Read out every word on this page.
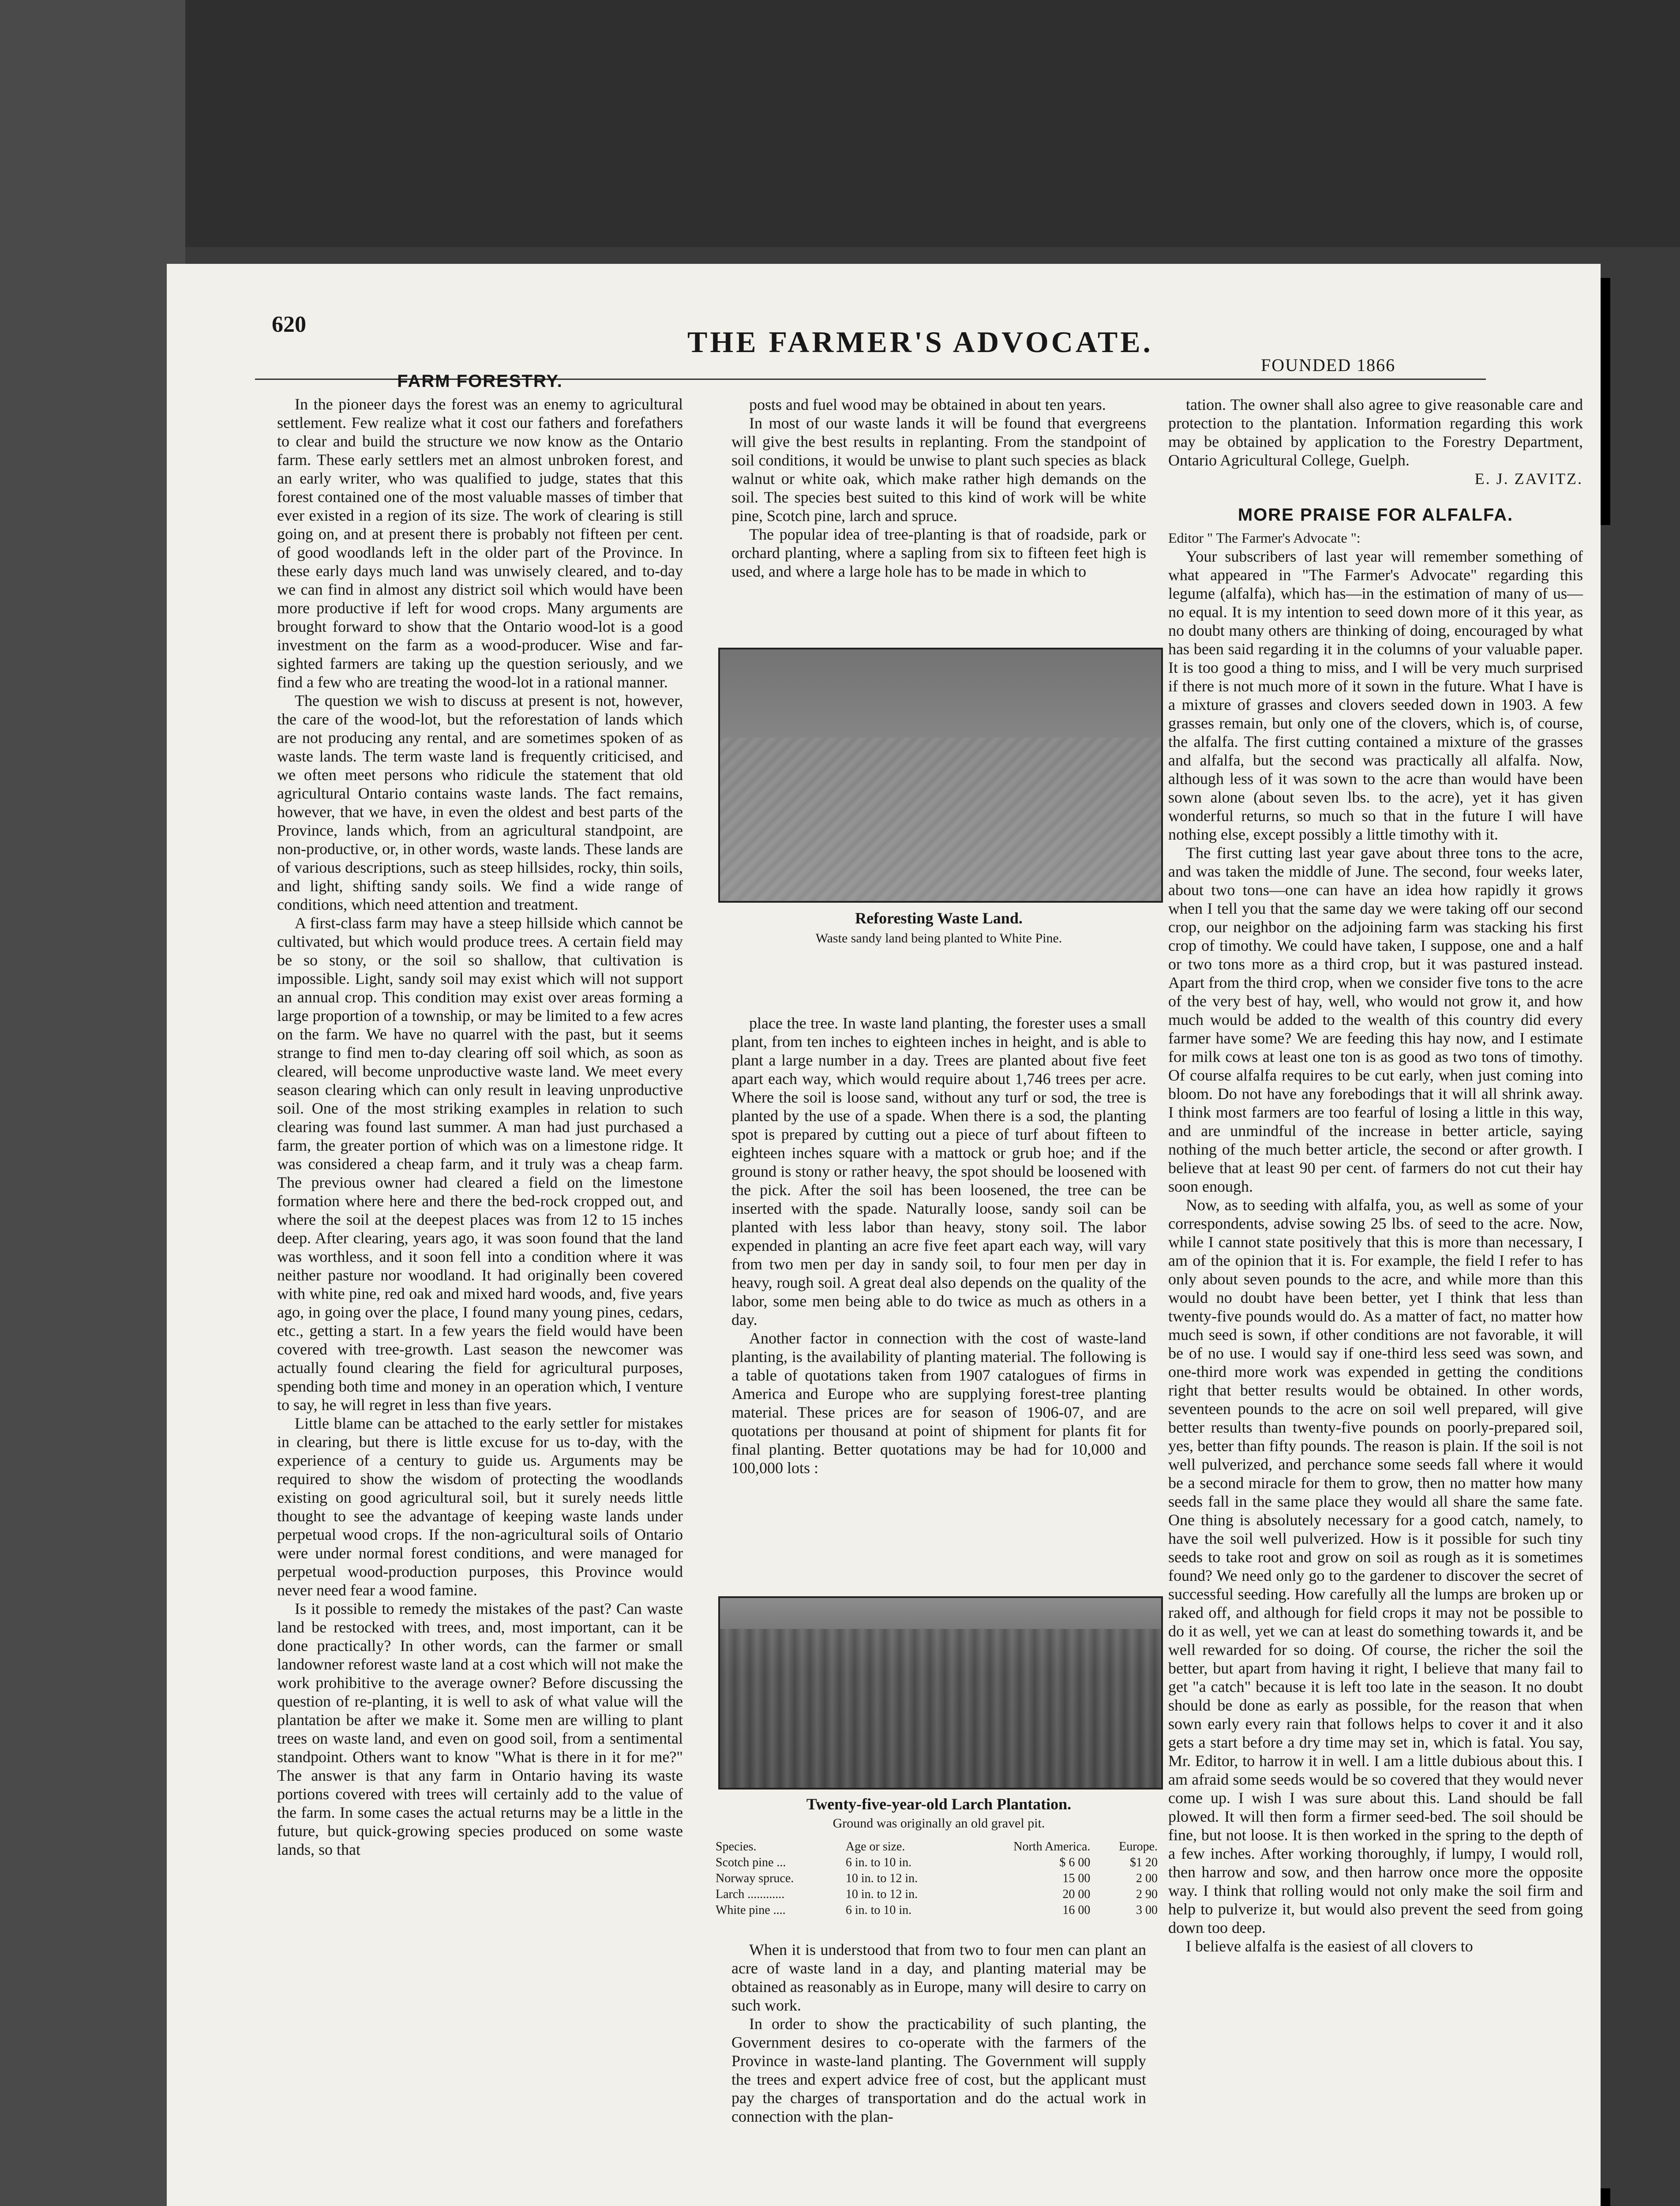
620
THE FARMER'S ADVOCATE.
FOUNDED 1866
FARM FORESTRY.

In the pioneer days the forest was an enemy to agricultural settlement. Few realize what it cost our fathers and forefathers to clear and build the structure we now know as the Ontario farm. These early settlers met an almost unbroken forest, and an early writer, who was qualified to judge, states that this forest contained one of the most valuable masses of timber that ever existed in a region of its size. The work of clearing is still going on, and at present there is probably not fifteen per cent. of good woodlands left in the older part of the Province. In these early days much land was unwisely cleared, and to-day we can find in almost any district soil which would have been more productive if left for wood crops. Many arguments are brought forward to show that the Ontario wood-lot is a good investment on the farm as a wood-producer. Wise and far-sighted farmers are taking up the question seriously, and we find a few who are treating the wood-lot in a rational manner.

The question we wish to discuss at present is not, however, the care of the wood-lot, but the reforestation of lands which are not producing any rental, and are sometimes spoken of as waste lands. The term waste land is frequently criticised, and we often meet persons who ridicule the statement that old agricultural Ontario contains waste lands. The fact remains, however, that we have, in even the oldest and best parts of the Province, lands which, from an agricultural standpoint, are non-productive, or, in other words, waste lands. These lands are of various descriptions, such as steep hillsides, rocky, thin soils, and light, shifting sandy soils. We find a wide range of conditions, which need attention and treatment.

A first-class farm may have a steep hillside which cannot be cultivated, but which would produce trees. A certain field may be so stony, or the soil so shallow, that cultivation is impossible. Light, sandy soil may exist which will not support an annual crop. This condition may exist over areas forming a large proportion of a township, or may be limited to a few acres on the farm. We have no quarrel with the past, but it seems strange to find men to-day clearing off soil which, as soon as cleared, will become unproductive waste land. We meet every season clearing which can only result in leaving unproductive soil. One of the most striking examples in relation to such clearing was found last summer. A man had just purchased a farm, the greater portion of which was on a limestone ridge. It was considered a cheap farm, and it truly was a cheap farm. The previous owner had cleared a field on the limestone formation where here and there the bed-rock cropped out, and where the soil at the deepest places was from 12 to 15 inches deep. After clearing, years ago, it was soon found that the land was worthless, and it soon fell into a condition where it was neither pasture nor woodland. It had originally been covered with white pine, red oak and mixed hard woods, and, five years ago, in going over the place, I found many young pines, cedars, etc., getting a start. In a few years the field would have been covered with tree-growth. Last season the newcomer was actually found clearing the field for agricultural purposes, spending both time and money in an operation which, I venture to say, he will regret in less than five years.

Little blame can be attached to the early settler for mistakes in clearing, but there is little excuse for us to-day, with the experience of a century to guide us. Arguments may be required to show the wisdom of protecting the woodlands existing on good agricultural soil, but it surely needs little thought to see the advantage of keeping waste lands under perpetual wood crops. If the non-agricultural soils of Ontario were under normal forest conditions, and were managed for perpetual wood-production purposes, this Province would never need fear a wood famine.

Is it possible to remedy the mistakes of the past? Can waste land be restocked with trees, and, most important, can it be done practically? In other words, can the farmer or small landowner reforest waste land at a cost which will not make the work prohibitive to the average owner? Before discussing the question of re-planting, it is well to ask of what value will the plantation be after we make it. Some men are willing to plant trees on waste land, and even on good soil, from a sentimental standpoint. Others want to know "What is there in it for me?" The answer is that any farm in Ontario having its waste portions covered with trees will certainly add to the value of the farm. In some cases the actual returns may be a little in the future, but quick-growing species produced on some waste lands, so that

posts and fuel wood may be obtained in about ten years.

In most of our waste lands it will be found that evergreens will give the best results in replanting. From the standpoint of soil conditions, it would be unwise to plant such species as black walnut or white oak, which make rather high demands on the soil. The species best suited to this kind of work will be white pine, Scotch pine, larch and spruce.

The popular idea of tree-planting is that of roadside, park or orchard planting, where a sapling from six to fifteen feet high is used, and where a large hole has to be made in which to

Reforesting Waste Land.
Waste sandy land being planted to White Pine.

place the tree. In waste land planting, the forester uses a small plant, from ten inches to eighteen inches in height, and is able to plant a large number in a day. Trees are planted about five feet apart each way, which would require about 1,746 trees per acre. Where the soil is loose sand, without any turf or sod, the tree is planted by the use of a spade. When there is a sod, the planting spot is prepared by cutting out a piece of turf about fifteen to eighteen inches square with a mattock or grub hoe; and if the ground is stony or rather heavy, the spot should be loosened with the pick. After the soil has been loosened, the tree can be inserted with the spade. Naturally loose, sandy soil can be planted with less labor than heavy, stony soil. The labor expended in planting an acre five feet apart each way, will vary from two men per day in sandy soil, to four men per day in heavy, rough soil. A great deal also depends on the quality of the labor, some men being able to do twice as much as others in a day.

Another factor in connection with the cost of waste-land planting, is the availability of planting material. The following is a table of quotations taken from 1907 catalogues of firms in America and Europe who are supplying forest-tree planting material. These prices are for season of 1906-07, and are quotations per thousand at point of shipment for plants fit for final planting. Better quotations may be had for 10,000 and 100,000 lots :

Twenty-five-year-old Larch Plantation.
Ground was originally an old gravel pit.
Species.	Age or size.	North America.	Europe.
Scotch pine ...	6 in. to 10 in.	$ 6 00	$1 20
Norway spruce.	10 in. to 12 in.	15 00	2 00
Larch ............	10 in. to 12 in.	20 00	2 90
White pine ....	6 in. to 10 in.	16 00	3 00

When it is understood that from two to four men can plant an acre of waste land in a day, and planting material may be obtained as reasonably as in Europe, many will desire to carry on such work.

In order to show the practicability of such planting, the Government desires to co-operate with the farmers of the Province in waste-land planting. The Government will supply the trees and expert advice free of cost, but the applicant must pay the charges of transportation and do the actual work in connection with the plan-

tation. The owner shall also agree to give reasonable care and protection to the plantation. Information regarding this work may be obtained by application to the Forestry Department, Ontario Agricultural College, Guelph.

E. J. ZAVITZ.

MORE PRAISE FOR ALFALFA.

Editor " The Farmer's Advocate ":

Your subscribers of last year will remember something of what appeared in "The Farmer's Advocate" regarding this legume (alfalfa), which has—in the estimation of many of us—no equal. It is my intention to seed down more of it this year, as no doubt many others are thinking of doing, encouraged by what has been said regarding it in the columns of your valuable paper. It is too good a thing to miss, and I will be very much surprised if there is not much more of it sown in the future. What I have is a mixture of grasses and clovers seeded down in 1903. A few grasses remain, but only one of the clovers, which is, of course, the alfalfa. The first cutting contained a mixture of the grasses and alfalfa, but the second was practically all alfalfa. Now, although less of it was sown to the acre than would have been sown alone (about seven lbs. to the acre), yet it has given wonderful returns, so much so that in the future I will have nothing else, except possibly a little timothy with it.

The first cutting last year gave about three tons to the acre, and was taken the middle of June. The second, four weeks later, about two tons—one can have an idea how rapidly it grows when I tell you that the same day we were taking off our second crop, our neighbor on the adjoining farm was stacking his first crop of timothy. We could have taken, I suppose, one and a half or two tons more as a third crop, but it was pastured instead. Apart from the third crop, when we consider five tons to the acre of the very best of hay, well, who would not grow it, and how much would be added to the wealth of this country did every farmer have some? We are feeding this hay now, and I estimate for milk cows at least one ton is as good as two tons of timothy. Of course alfalfa requires to be cut early, when just coming into bloom. Do not have any forebodings that it will all shrink away. I think most farmers are too fearful of losing a little in this way, and are unmindful of the increase in better article, saying nothing of the much better article, the second or after growth. I believe that at least 90 per cent. of farmers do not cut their hay soon enough.

Now, as to seeding with alfalfa, you, as well as some of your correspondents, advise sowing 25 lbs. of seed to the acre. Now, while I cannot state positively that this is more than necessary, I am of the opinion that it is. For example, the field I refer to has only about seven pounds to the acre, and while more than this would no doubt have been better, yet I think that less than twenty-five pounds would do. As a matter of fact, no matter how much seed is sown, if other conditions are not favorable, it will be of no use. I would say if one-third less seed was sown, and one-third more work was expended in getting the conditions right that better results would be obtained. In other words, seventeen pounds to the acre on soil well prepared, will give better results than twenty-five pounds on poorly-prepared soil, yes, better than fifty pounds. The reason is plain. If the soil is not well pulverized, and perchance some seeds fall where it would be a second miracle for them to grow, then no matter how many seeds fall in the same place they would all share the same fate. One thing is absolutely necessary for a good catch, namely, to have the soil well pulverized. How is it possible for such tiny seeds to take root and grow on soil as rough as it is sometimes found? We need only go to the gardener to discover the secret of successful seeding. How carefully all the lumps are broken up or raked off, and although for field crops it may not be possible to do it as well, yet we can at least do something towards it, and be well rewarded for so doing. Of course, the richer the soil the better, but apart from having it right, I believe that many fail to get "a catch" because it is left too late in the season. It no doubt should be done as early as possible, for the reason that when sown early every rain that follows helps to cover it and it also gets a start before a dry time may set in, which is fatal. You say, Mr. Editor, to harrow it in well. I am a little dubious about this. I am afraid some seeds would be so covered that they would never come up. I wish I was sure about this. Land should be fall plowed. It will then form a firmer seed-bed. The soil should be fine, but not loose. It is then worked in the spring to the depth of a few inches. After working thoroughly, if lumpy, I would roll, then harrow and sow, and then harrow once more the opposite way. I think that rolling would not only make the soil firm and help to pulverize it, but would also prevent the seed from going down too deep.

I believe alfalfa is the easiest of all clovers to
